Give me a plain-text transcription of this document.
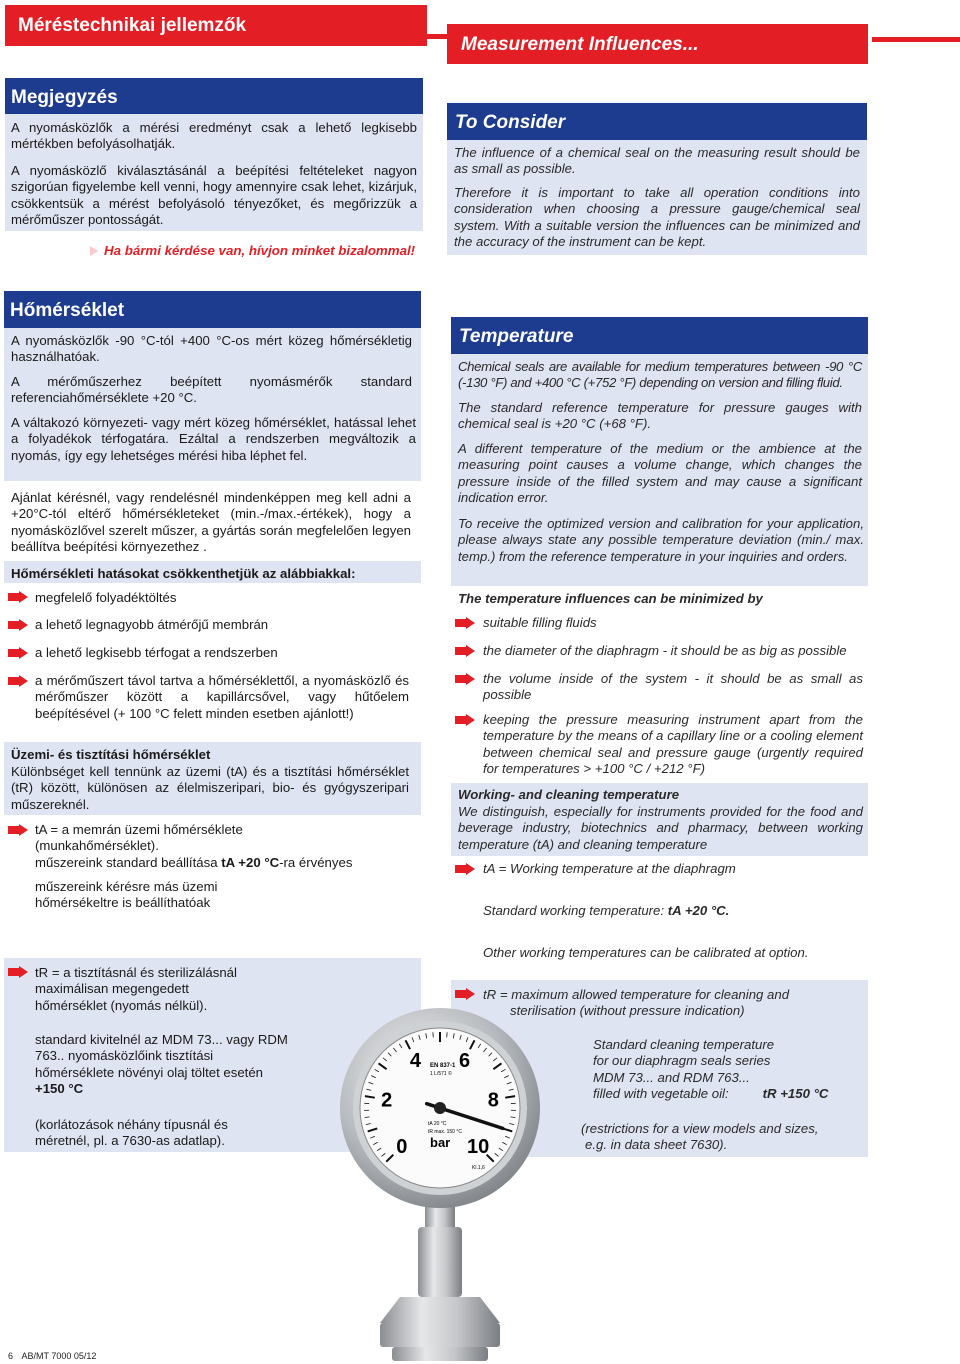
Méréstechnikai jellemzők
Measurement Influences...
Megjegyzés

A nyomásközlők a mérési eredményt csak a lehető legkisebb mértékben befolyásolhatják.

A nyomásközlő kiválasztásánál a beépítési feltételeket nagyon szigorúan figyelembe kell venni, hogy amennyire csak lehet, kizárjuk, csökkentsük a mérést befolyásoló tényezőket, és megőrizzük a mérőműszer pontosságát.

Ha bármi kérdése van, hívjon minket bizalommal!
To Consider

The influence of a chemical seal on the measuring result should be as small as possible.

Therefore it is important to take all operation conditions into consideration when choosing a pressure gauge/chemical seal system. With a suitable version the influences can be minimized and the accuracy of the instrument can be kept.

Hőmérséklet
A nyomásközlők -90 °C-tól +400 °C-os mért közeg hőmérsékletig használhatóak.
A mérőműszerhez beépített nyomásmérők standard referenciahőmérséklete +20 °C.
A váltakozó környezeti- vagy mért közeg hőmérséklet, hatással lehet a folyadékok térfogatára. Ezáltal a rendszerben megváltozik a nyomás, így egy lehetséges mérési hiba léphet fel.
Ajánlat kérésnél, vagy rendelésnél mindenképpen meg kell adni a +20°C-tól eltérő hőmérsékleteket (min.-/max.-értékek), hogy a nyomásközlővel szerelt műszer, a gyártás során megfelelően legyen beállítva beépítési környezethez .
Hőmérsékleti hatásokat csökkenthetjük az alábbiakkal:
megfelelő folyadéktöltés
a lehető legnagyobb átmérőjű membrán
a lehető legkisebb térfogat a rendszerben
a mérőműszert távol tartva a hőmérséklettől, a nyomásközlő és mérőműszer között a kapillárcsővel, vagy hűtőelem beépítésével (+ 100 °C felett minden esetben ajánlott!)
Üzemi- és tisztítási hőmérséklet
Különbséget kell tennünk az üzemi (tA) és a tisztítási hőmérséklet (tR) között, különösen az élelmiszeripari, bio- és gyógyszeripari műszereknél.
tA = a memrán üzemi hőmérséklete
(munkahőmérséklet).
műszereink standard beállítása tA +20 °C-ra érvényes
műszereink kérésre más üzemi
hőmérsékeltre is beállíthatóak
tR = a tisztításnál és sterilizálásnál
maximálisan megengedett
hőmérséklet (nyomás nélkül).
standard kivitelnél az MDM 73... vagy RDM
763.. nyomásközlőink tisztítási
hőmérséklete növényi olaj töltet esetén
+150 °C
(korlátozások néhány típusnál és
méretnél, pl. a 7630-as adatlap).
Temperature
Chemical seals are available for medium temperatures between -90 °C (-130 °F) and +400 °C (+752 °F) depending on version and filling fluid.
The standard reference temperature for pressure gauges with chemical seal is +20 °C (+68 °F).
A different temperature of the medium or the ambience at the measuring point causes a volume change, which changes the pressure inside of the filled system and may cause a significant indication error.
To receive the optimized version and calibration for your application, please always state any possible temperature deviation (min./ max. temp.) from the reference temperature in your inquiries and orders.
The temperature influences can be minimized by
suitable filling fluids
the diameter of the diaphragm - it should be as big as possible
the volume inside of the system - it should be as small as possible
keeping the pressure measuring instrument apart from the temperature by the means of a capillary line or a cooling element between chemical seal and pressure gauge (urgently required for temperatures > +100 °C / +212 °F)
Working- and cleaning temperature
We distinguish, especially for instruments provided for the food and beverage industry, biotechnics and pharmacy, between working temperature (tA) and cleaning temperature
tA = Working temperature at the diaphragm
Standard working temperature: tA +20 °C.
Other working temperatures can be calibrated at option.
tR = maximum allowed temperature for cleaning and
sterilisation (without pressure indication)
Standard cleaning temperature
for our diaphragm seals series
MDM 73... and RDM 763...
filled with vegetable oil:	tR +150 °C
(restrictions for a view models and sizes,
e.g. in data sheet 7630).
0
2
4 6
8
10
EN 837-1
1 L/571 ©
tA 20 °C
tR max. 150 °C
bar
Kl.1,6
6 AB/MT 7000 05/12
